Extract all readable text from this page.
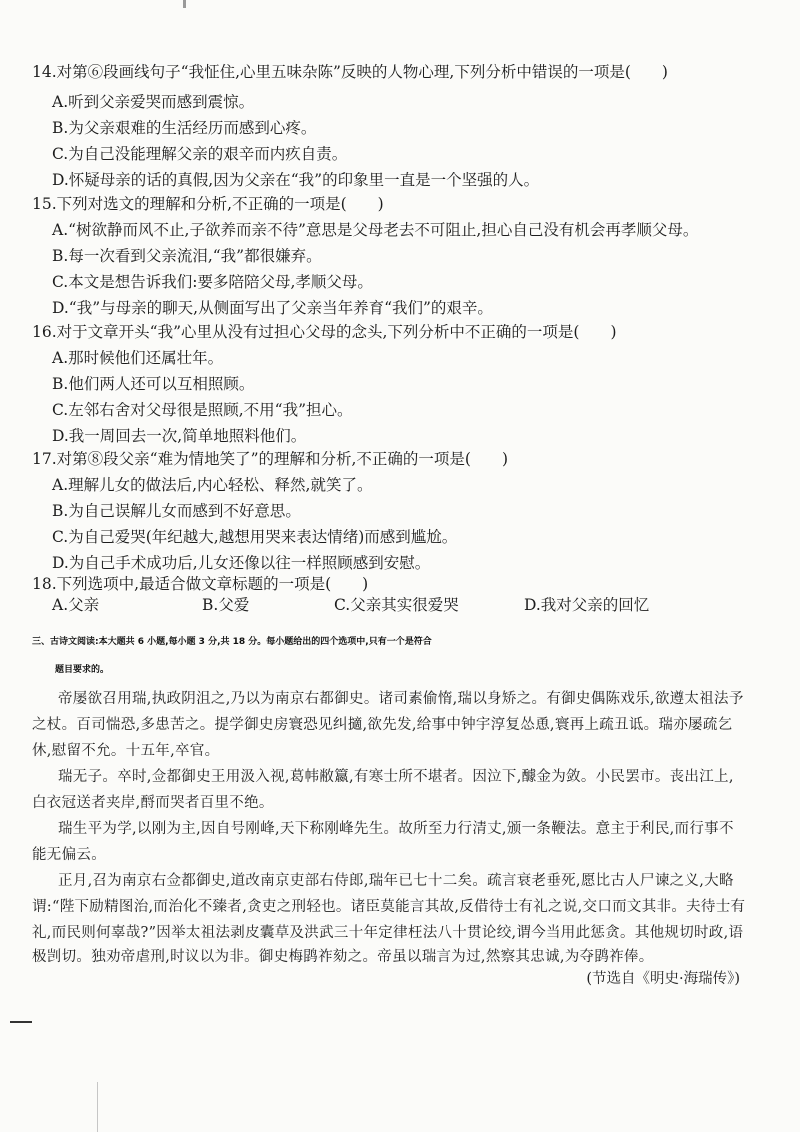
14.对第⑥段画线句子“我怔住,心里五味杂陈”反映的人物心理,下列分析中错误的一项是(　　)
A.听到父亲爱哭而感到震惊。
B.为父亲艰难的生活经历而感到心疼。
C.为自己没能理解父亲的艰辛而内疚自责。
D.怀疑母亲的话的真假,因为父亲在“我”的印象里一直是一个坚强的人。
15.下列对选文的理解和分析,不正确的一项是(　　)
A.“树欲静而风不止,子欲养而亲不待”意思是父母老去不可阻止,担心自己没有机会再孝顺父母。
B.每一次看到父亲流泪,“我”都很嫌弃。
C.本文是想告诉我们:要多陪陪父母,孝顺父母。
D.“我”与母亲的聊天,从侧面写出了父亲当年养育“我们”的艰辛。
16.对于文章开头“我”心里从没有过担心父母的念头,下列分析中不正确的一项是(　　)
A.那时候他们还属壮年。
B.他们两人还可以互相照顾。
C.左邻右舍对父母很是照顾,不用“我”担心。
D.我一周回去一次,简单地照料他们。
17.对第⑧段父亲“难为情地笑了”的理解和分析,不正确的一项是(　　)
A.理解儿女的做法后,内心轻松、释然,就笑了。
B.为自己误解儿女而感到不好意思。
C.为自己爱哭(年纪越大,越想用哭来表达情绪)而感到尴尬。
D.为自己手术成功后,儿女还像以往一样照顾感到安慰。
18.下列选项中,最适合做文章标题的一项是(　　)
A.父亲	B.父爱	C.父亲其实很爱哭	D.我对父亲的回忆
三、古诗文阅读:本大题共 6 小题,每小题 3 分,共 18 分。每小题给出的四个选项中,只有一个是符合
题目要求的。
帝屡欲召用瑞,执政阴沮之,乃以为南京右都御史。诸司素偷惰,瑞以身矫之。有御史偶陈戏乐,欲遵太祖法予
之杖。百司惴恐,多患苦之。提学御史房寰恐见纠擿,欲先发,给事中钟宇淳复怂恿,寰再上疏丑诋。瑞亦屡疏乞
休,慰留不允。十五年,卒官。
瑞无子。卒时,佥都御史王用汲入视,葛帏敝籝,有寒士所不堪者。因泣下,醵金为敛。小民罢市。丧出江上,
白衣冠送者夹岸,酹而哭者百里不绝。
瑞生平为学,以刚为主,因自号刚峰,天下称刚峰先生。故所至力行清丈,颁一条鞭法。意主于利民,而行事不
能无偏云。
正月,召为南京右佥都御史,道改南京吏部右侍郎,瑞年已七十二矣。疏言衰老垂死,愿比古人尸谏之义,大略
谓:“陛下励精图治,而治化不臻者,贪吏之刑轻也。诸臣莫能言其故,反借待士有礼之说,交口而文其非。夫待士有
礼,而民则何辜哉?”因举太祖法剥皮囊草及洪武三十年定律枉法八十贯论绞,谓今当用此惩贪。其他规切时政,语
极剀切。独劝帝虐刑,时议以为非。御史梅鹍祚劾之。帝虽以瑞言为过,然察其忠诚,为夺鹍祚俸。
(节选自《明史·海瑞传》)
